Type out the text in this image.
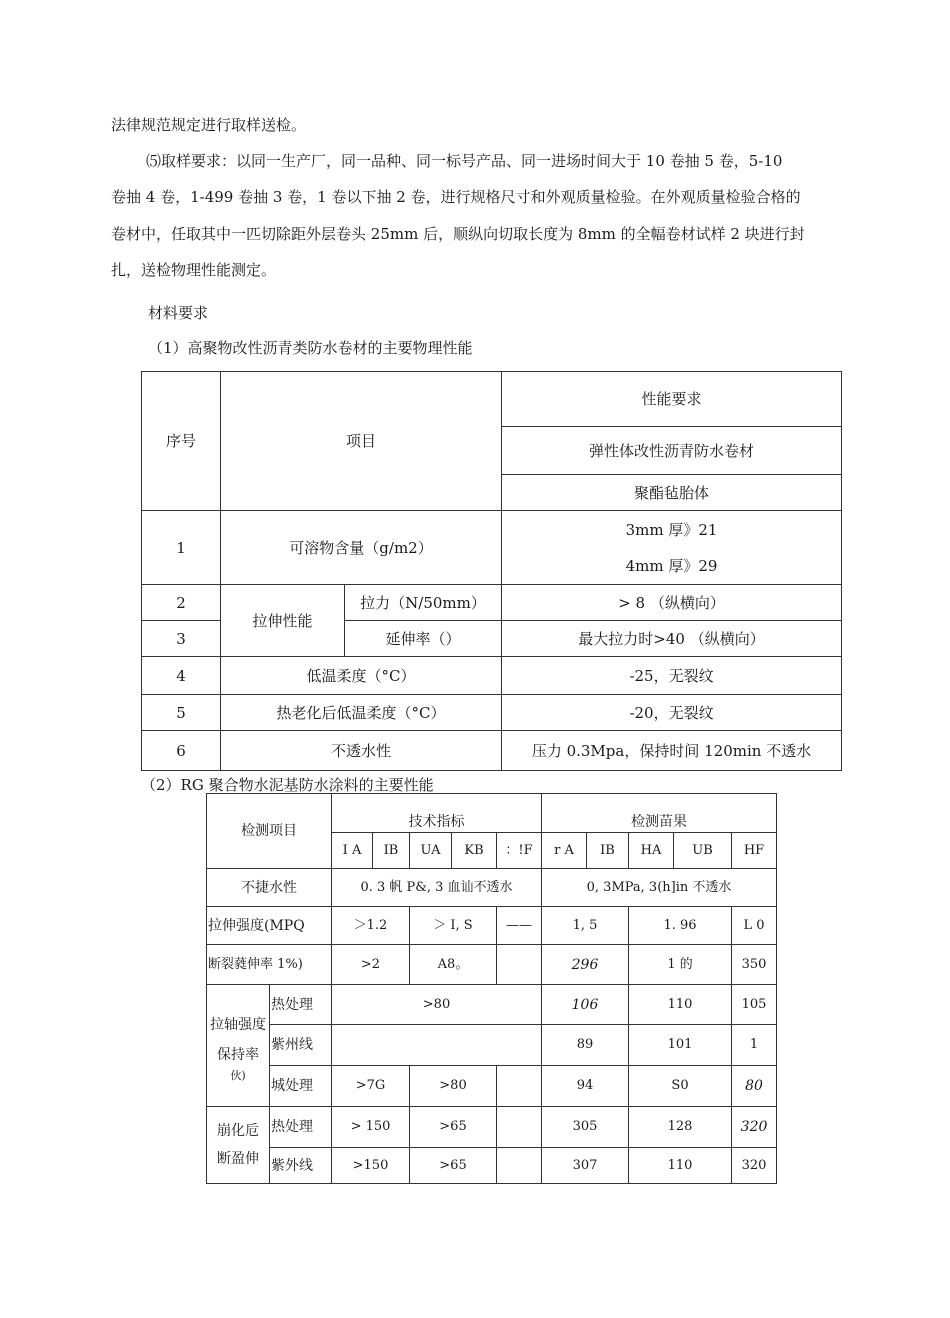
法律规范规定进行取样送检。
⑸取样要求：以同一生产厂，同一品种、同一标号产品、同一进场时间大于 10 卷抽 5 卷，5-10
卷抽 4 卷，1-499 卷抽 3 卷，1 卷以下抽 2 卷，进行规格尺寸和外观质量检验。在外观质量检验合格的
卷材中，任取其中一匹切除距外层卷头 25mm 后，顺纵向切取长度为 8mm 的全幅卷材试样 2 块进行封
扎，送检物理性能测定。
材料要求
（1）高聚物改性沥青类防水卷材的主要物理性能
序号	项目		性能要求
			弹性体改性沥青防水卷材
			聚酯毡胎体
1	可溶物含量（g/m2）		3mm 厚》21
4mm 厚》29

2	拉伸性能	拉力（N/50mm）	> 8 （纵横向）
3		延伸率（）	最大拉力时>40 （纵横向）
4	低温柔度（°C）		-25，无裂纹
5	热老化后低温柔度（°C）		-20，无裂纹
6	不透水性		压力 0.3Mpa，保持时间 120min 不透水
（2）RG 聚合物水泥基防水涂料的主要性能
检测项目		技术指标					检测苗果				
		I A	IB	UA	KB	：!F	r A	IB	HA	UB	HF
不捷水性		0. 3 帆 P&, 3 血讪不透水					0, 3MPa, 3(h]in 不透水				
拉伸强度(MPQ		＞1.2		＞ I, S		——	1, 5		1. 96		L 0
断裂蕤伸率 1%)		>2		A8。			296		1 的		350

拉轴强度
保持率
伙)	热处理	>80					106		110		105
	紫州线						89		101		1
	城处理	>7G		>80			94		S0		80

崩化卮
断盈伸	热处理	> 150		>65			305		128		320
	紫外线	>150		>65			307		110		320
